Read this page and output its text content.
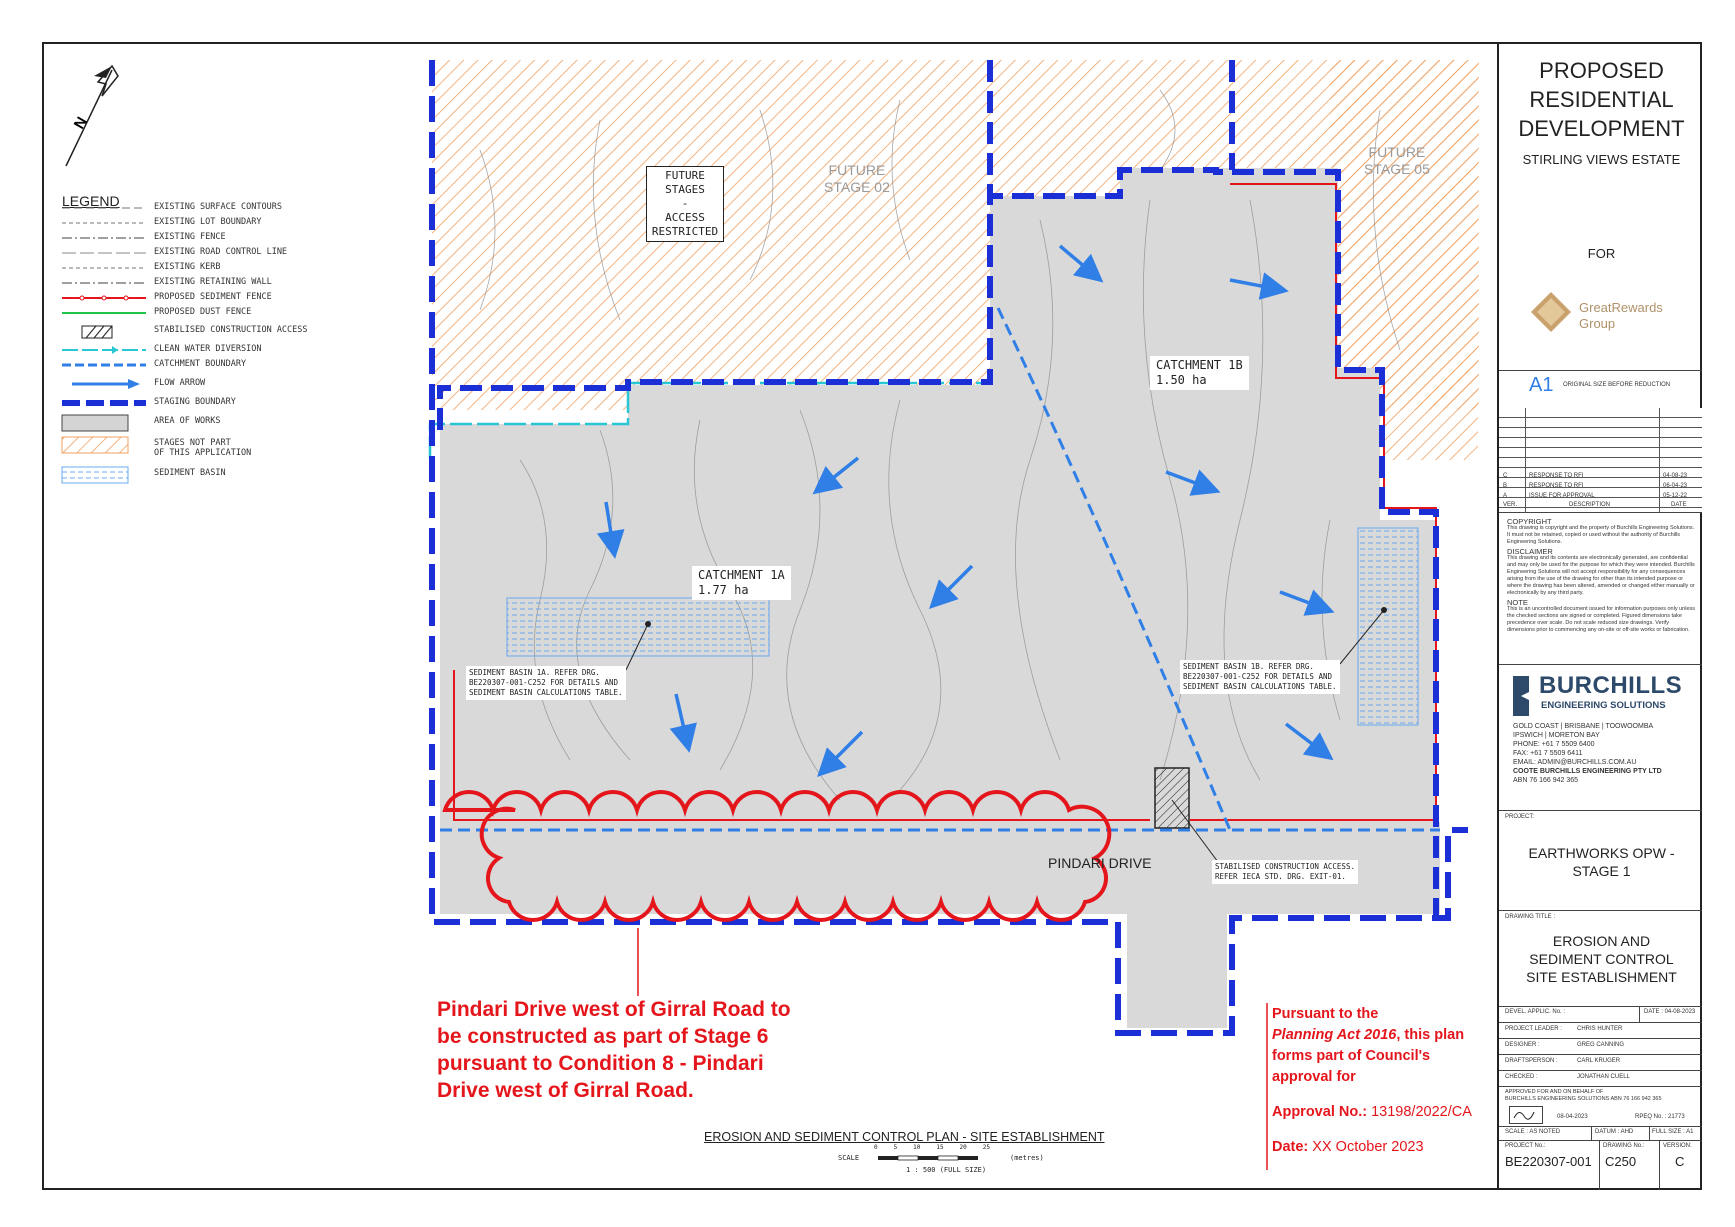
N
LEGEND	EXISTING SURFACE CONTOURS
EXISTING LOT BOUNDARY
EXISTING FENCE
EXISTING ROAD CONTROL LINE
EXISTING KERB
EXISTING RETAINING WALL
PROPOSED SEDIMENT FENCE
PROPOSED DUST FENCE
STABILISED CONSTRUCTION ACCESS
CLEAN WATER DIVERSION
CATCHMENT BOUNDARY
FLOW ARROW
STAGING BOUNDARY
AREA OF WORKS
STAGES NOT PART
OF THIS APPLICATION
SEDIMENT BASIN
FUTURE
STAGES
-
ACCESS
RESTRICTED
FUTURE
STAGE 02
FUTURE
STAGE 05
CATCHMENT 1A
1.77 ha
CATCHMENT 1B
1.50 ha
SEDIMENT BASIN 1A. REFER DRG.
BE220307-001-C252 FOR DETAILS AND
SEDIMENT BASIN CALCULATIONS TABLE.
SEDIMENT BASIN 1B. REFER DRG.
BE220307-001-C252 FOR DETAILS AND
SEDIMENT BASIN CALCULATIONS TABLE.
STABILISED CONSTRUCTION ACCESS.
REFER IECA STD. DRG. EXIT-01.
PINDARI DRIVE
EROSION AND SEDIMENT CONTROL PLAN - SITE ESTABLISHMENT
SCALE
0	5	10	15	20	25
(metres)
1 : 500 (FULL SIZE)
Pindari Drive west of Girral Road to
be constructed as part of Stage 6
pursuant to Condition 8 - Pindari
Drive west of Girral Road.
Pursuant to the
Planning Act 2016, this plan
forms part of Council's
approval for
Approval No.: 13198/2022/CA
Date: XX October 2023
PROPOSED
RESIDENTIAL
DEVELOPMENT
STIRLING VIEWS ESTATE
FOR
GreatRewards
Group
A1 ORIGINAL SIZE BEFORE REDUCTION
C	RESPONSE TO RFI	04-08-23
B	RESPONSE TO RFI	06-04-23
A	ISSUE FOR APPROVAL	05-12-22
VER.	DESCRIPTION	DATE
COPYRIGHT
This drawing is copyright and the property of Burchills Engineering Solutions. It must not be retained, copied or used without the authority of Burchills Engineering Solutions.
DISCLAIMER
This drawing and its contents are electronically generated, are confidential and may only be used for the purpose for which they were intended. Burchills Engineering Solutions will not accept responsibility for any consequences arising from the use of the drawing for other than its intended purpose or where the drawing has been altered, amended or changed either manually or electronically by any third party.
NOTE
This is an uncontrolled document issued for information purposes only unless the checked sections are signed or completed. Figured dimensions take precedence over scale. Do not scale reduced size drawings. Verify dimensions prior to commencing any on-site or off-site works or fabrication.
BURCHILLS
ENGINEERING SOLUTIONS
GOLD COAST | BRISBANE | TOOWOOMBA
IPSWICH | MORETON BAY
PHONE: +61 7 5509 6400
FAX: +61 7 5509 6411
EMAIL: ADMIN@BURCHILLS.COM.AU
COOTE BURCHILLS ENGINEERING PTY LTD
ABN 76 166 942 365
PROJECT:
EARTHWORKS OPW -
STAGE 1
DRAWING TITLE :
EROSION AND
SEDIMENT CONTROL
SITE ESTABLISHMENT
DEVEL. APPLIC. No. :	DATE : 04-08-2023
PROJECT LEADER :	CHRIS HUNTER
DESIGNER :	GREG CANNING
DRAFTSPERSON :	CARL KRUGER
CHECKED :	JONATHAN CUELL
APPROVED FOR AND ON BEHALF OF
BURCHILLS ENGINEERING SOLUTIONS ABN 76 166 942 365
08-04-2023	RPEQ No. : 21773
SCALE : AS NOTED	DATUM : AHD	FULL SIZE : A1
PROJECT No.:
BE220307-001
DRAWING No.:
C250
VERSION:
C
